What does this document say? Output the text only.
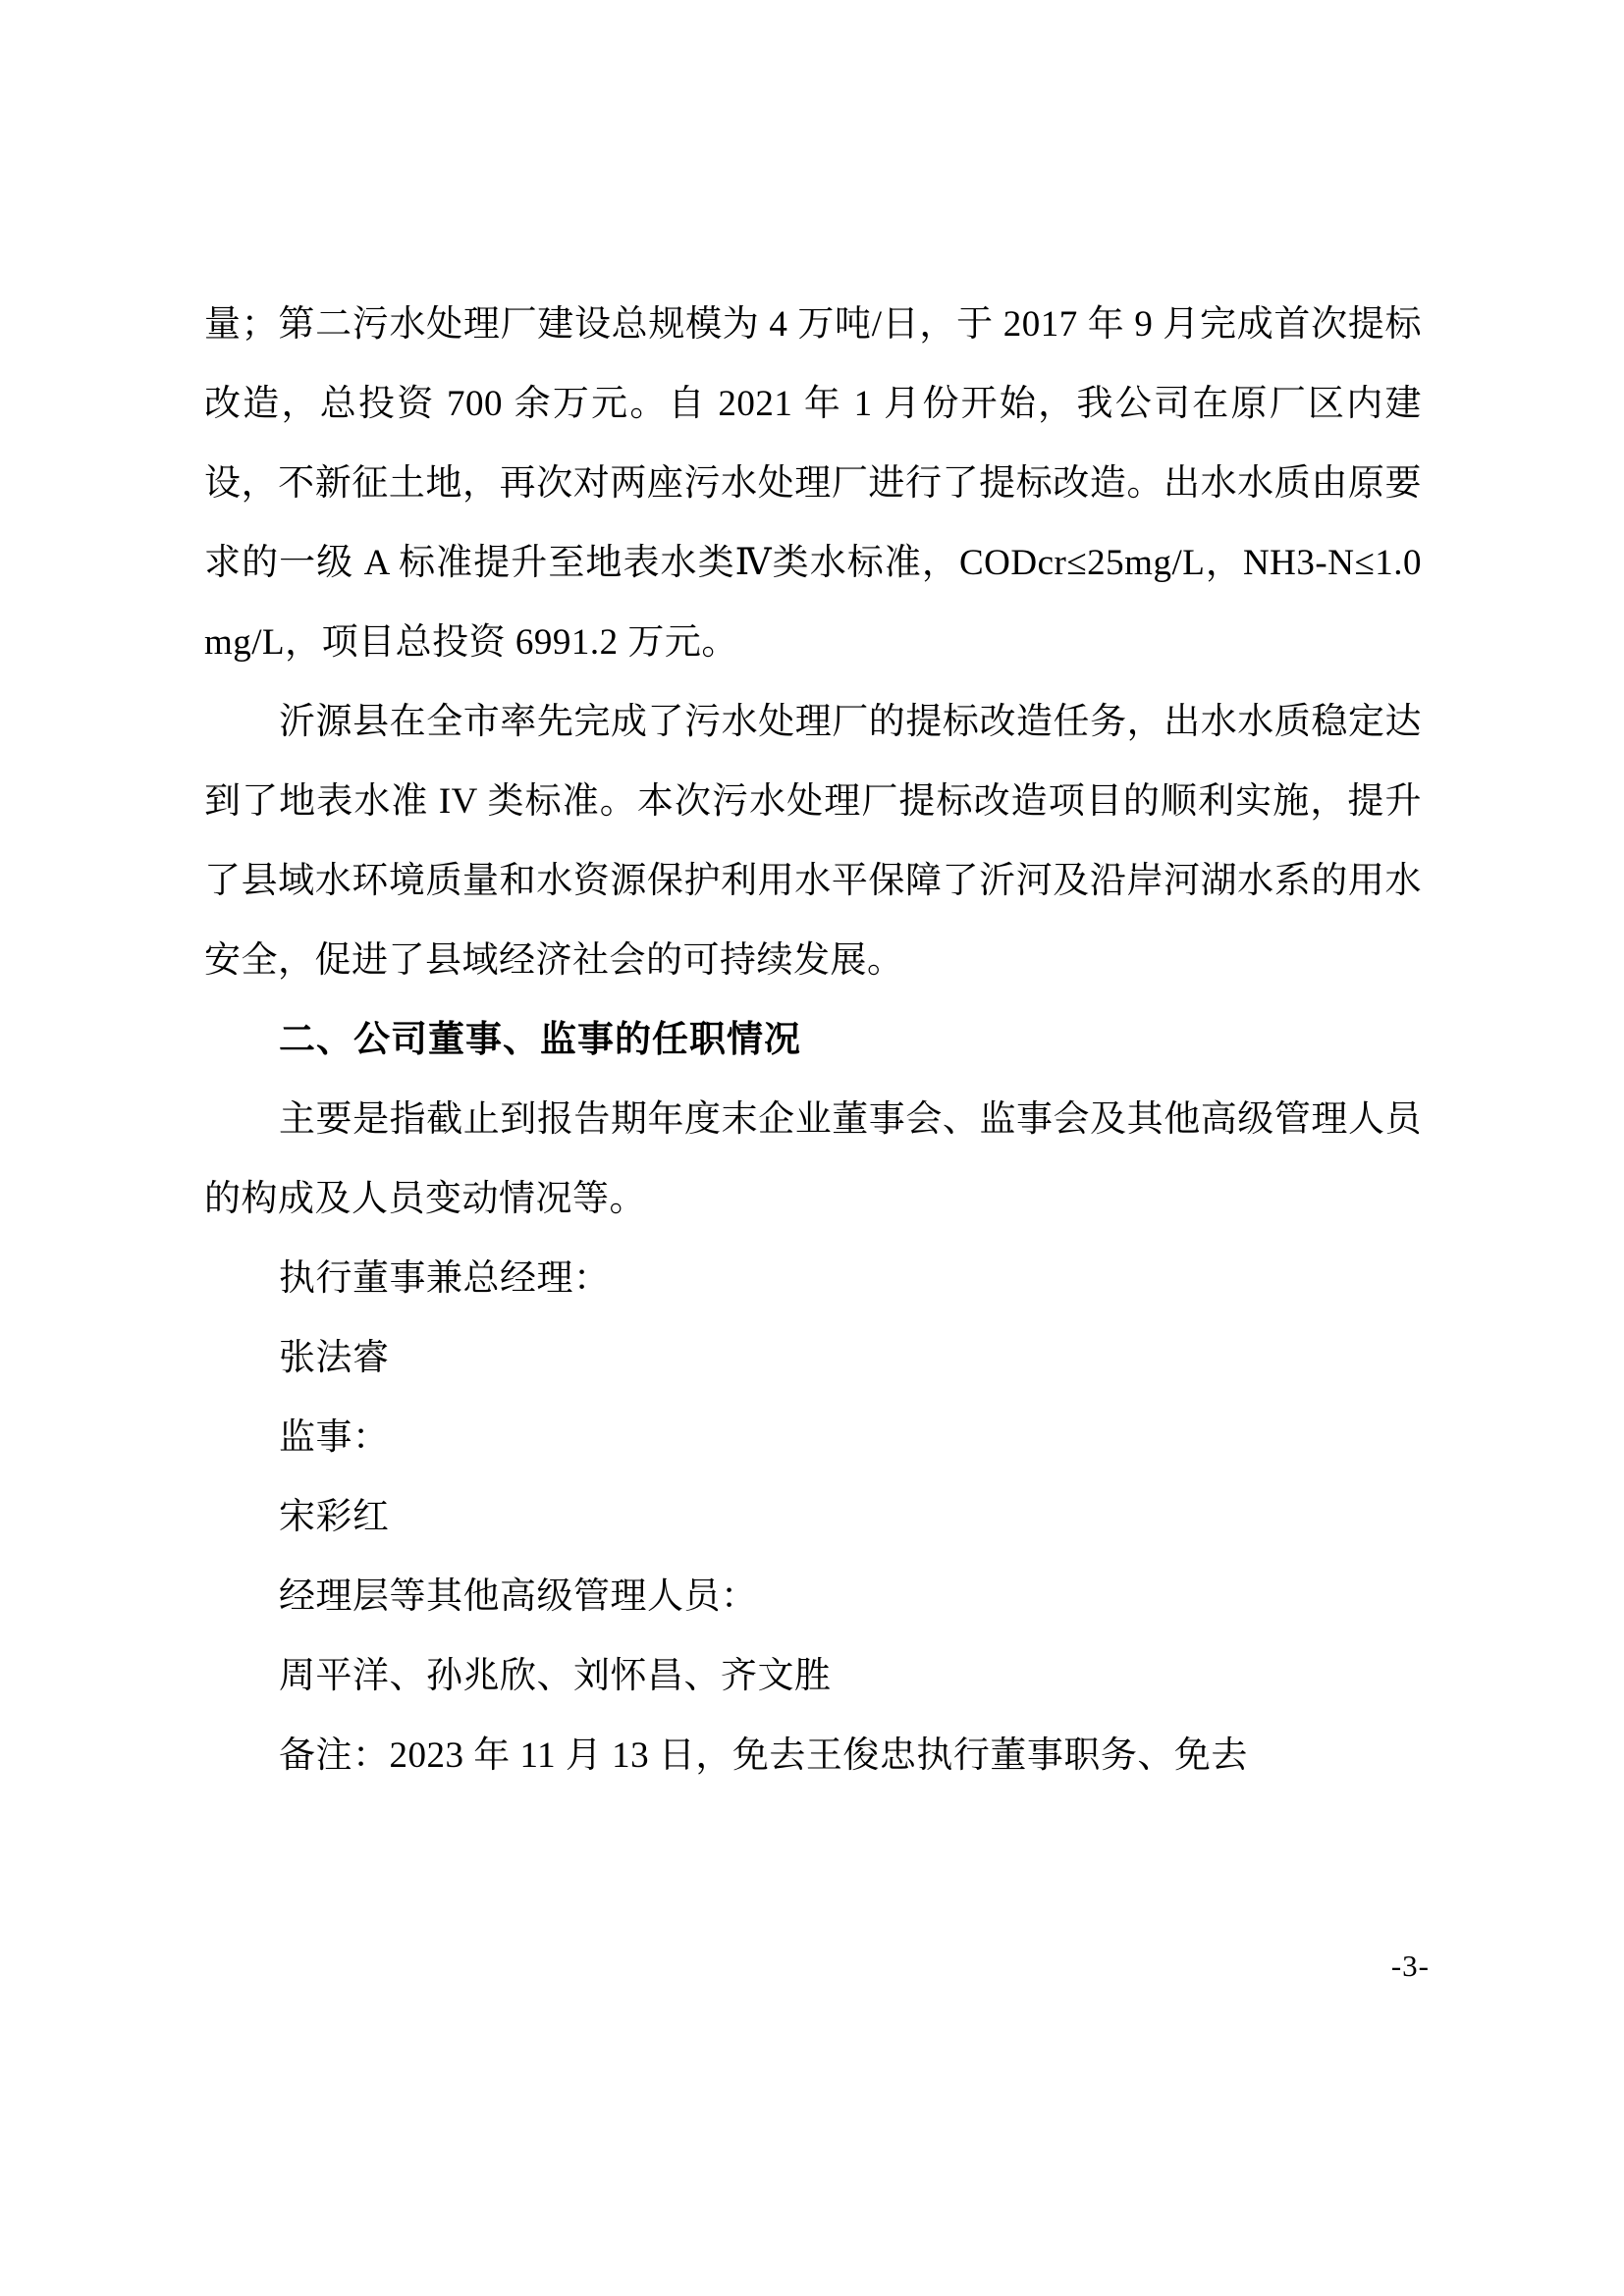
量；第二污水处理厂建设总规模为 4 万吨/日，于 2017 年 9 月完成首次提标改造，总投资 700 余万元。自 2021 年 1 月份开始，我公司在原厂区内建设，不新征土地，再次对两座污水处理厂进行了提标改造。出水水质由原要求的一级 A 标准提升至地表水类Ⅳ类水标准，CODcr≤25mg/L，NH3-N≤1.0mg/L，项目总投资 6991.2 万元。

沂源县在全市率先完成了污水处理厂的提标改造任务，出水水质稳定达到了地表水准 IV 类标准。本次污水处理厂提标改造项目的顺利实施，提升了县域水环境质量和水资源保护利用水平保障了沂河及沿岸河湖水系的用水安全，促进了县域经济社会的可持续发展。

二、公司董事、监事的任职情况

主要是指截止到报告期年度末企业董事会、监事会及其他高级管理人员的构成及人员变动情况等。

执行董事兼总经理：

张法睿

监事：

宋彩红

经理层等其他高级管理人员：

周平洋、孙兆欣、刘怀昌、齐文胜

备注：2023 年 11 月 13 日，免去王俊忠执行董事职务、免去

-3-
